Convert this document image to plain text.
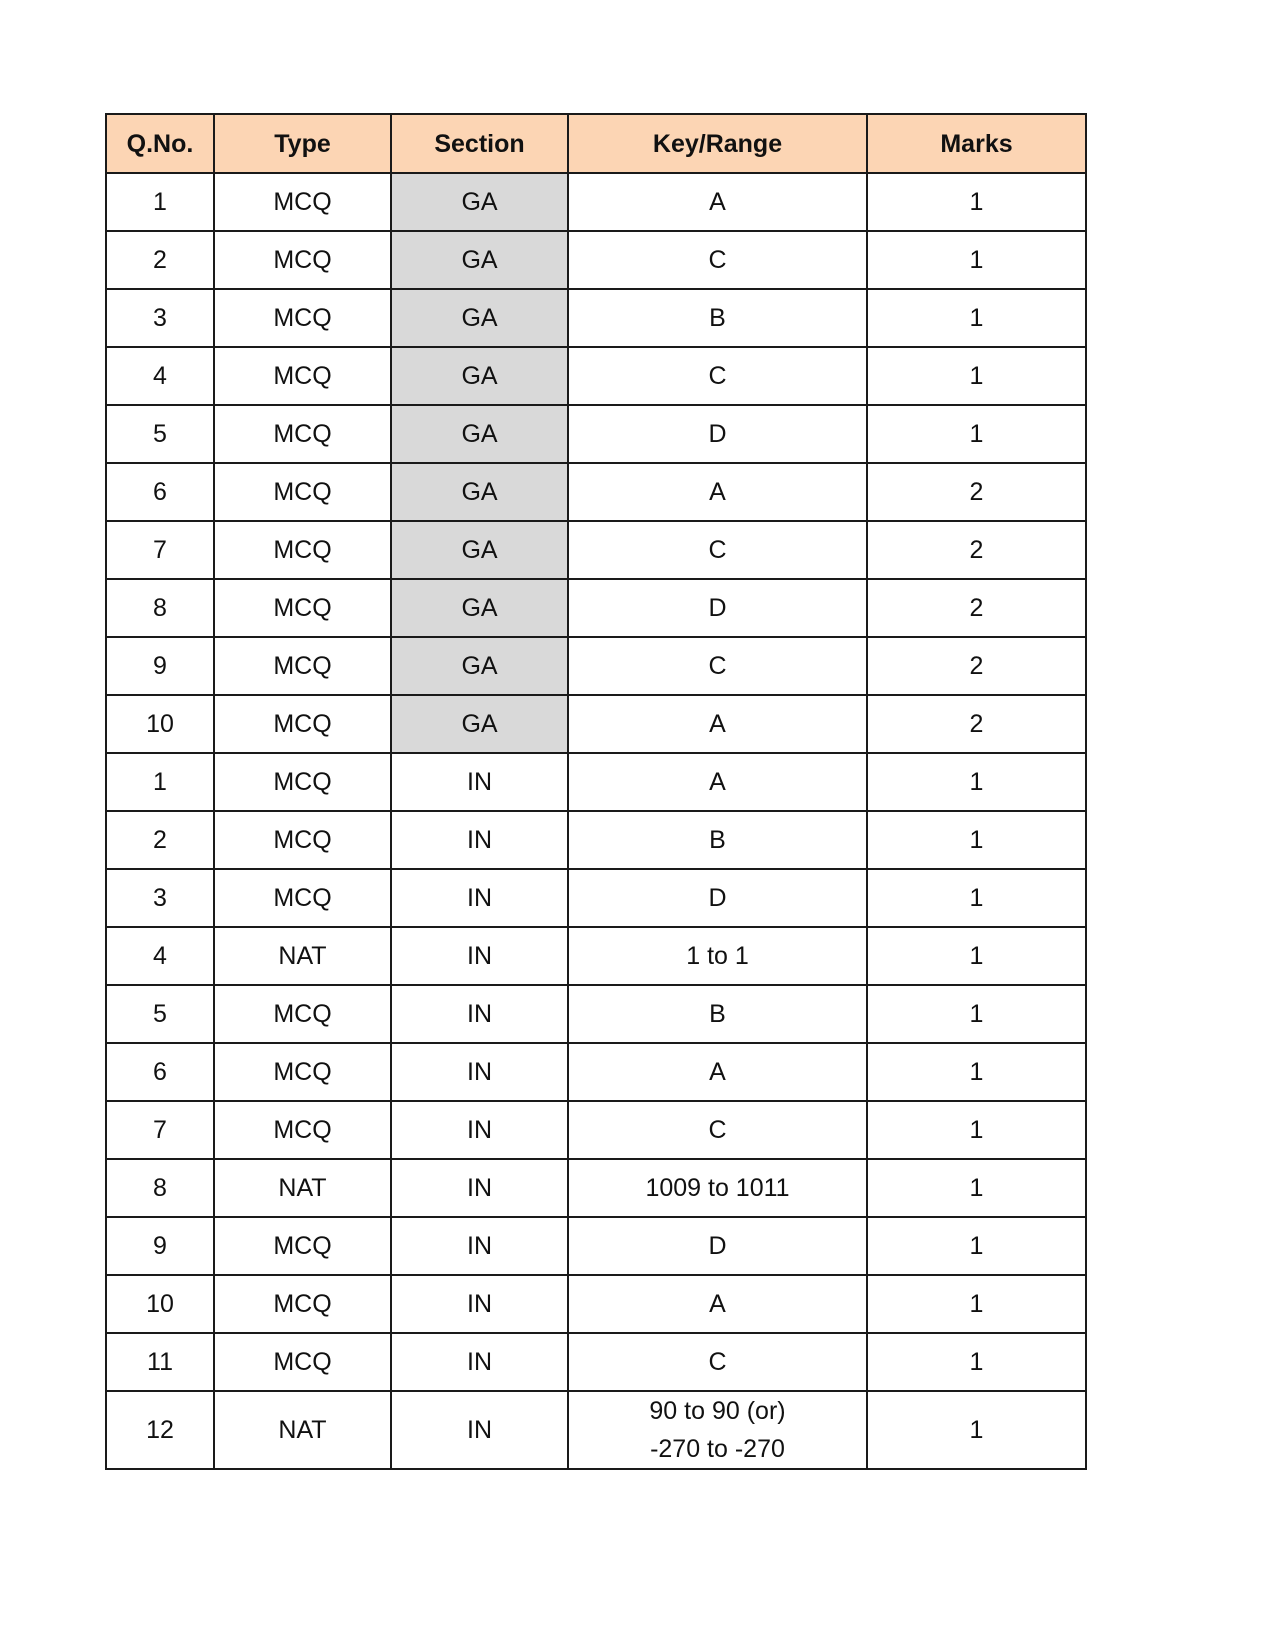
Q.No.	Type	Section	Key/Range	Marks
1	MCQ	GA	A	1
2	MCQ	GA	C	1
3	MCQ	GA	B	1
4	MCQ	GA	C	1
5	MCQ	GA	D	1
6	MCQ	GA	A	2
7	MCQ	GA	C	2
8	MCQ	GA	D	2
9	MCQ	GA	C	2
10	MCQ	GA	A	2
1	MCQ	IN	A	1
2	MCQ	IN	B	1
3	MCQ	IN	D	1
4	NAT	IN	1 to 1	1
5	MCQ	IN	B	1
6	MCQ	IN	A	1
7	MCQ	IN	C	1
8	NAT	IN	1009 to 1011	1
9	MCQ	IN	D	1
10	MCQ	IN	A	1
11	MCQ	IN	C	1
12	NAT	IN	90 to 90 (or)
-270 to -270	1
